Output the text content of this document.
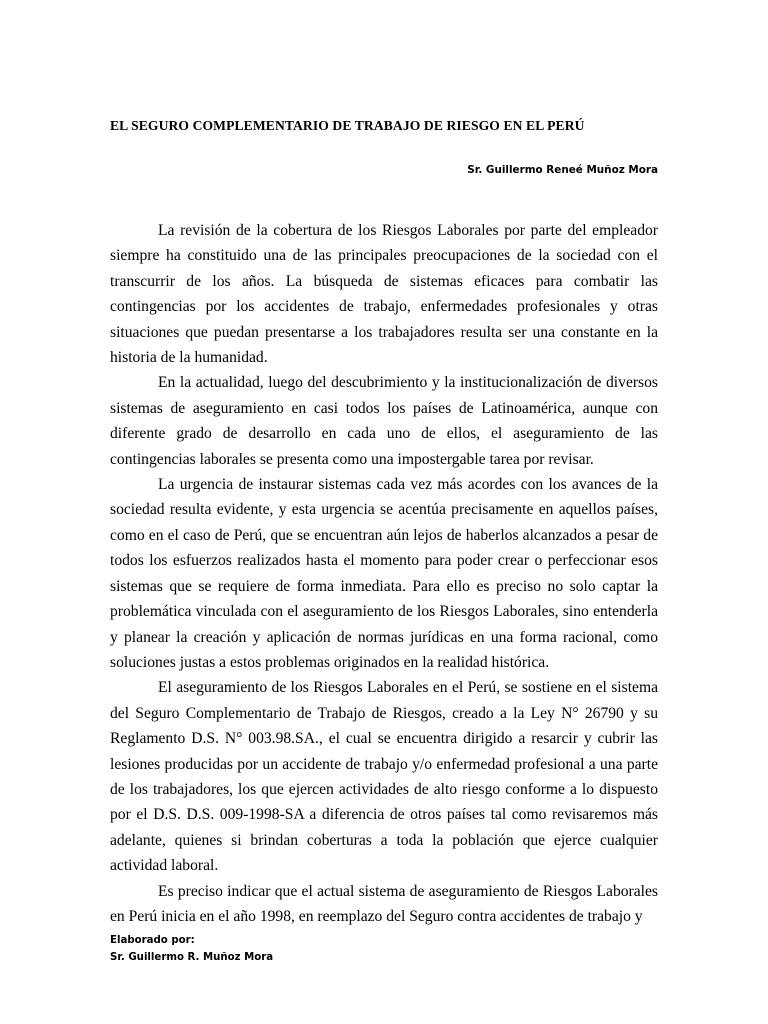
EL SEGURO COMPLEMENTARIO DE TRABAJO DE RIESGO EN EL PERÚ
Sr. Guillermo Reneé Muñoz Mora

La revisión de la cobertura de los Riesgos Laborales por parte del empleador siempre ha constituido una de las principales preocupaciones de la sociedad con el transcurrir de los años. La búsqueda de sistemas eficaces para combatir las contingencias por los accidentes de trabajo, enfermedades profesionales y otras situaciones que puedan presentarse a los trabajadores resulta ser una constante en la historia de la humanidad.

En la actualidad, luego del descubrimiento y la institucionalización de diversos sistemas de aseguramiento en casi todos los países de Latinoamérica, aunque con diferente grado de desarrollo en cada uno de ellos, el aseguramiento de las contingencias laborales se presenta como una impostergable tarea por revisar.

La urgencia de instaurar sistemas cada vez más acordes con los avances de la sociedad resulta evidente, y esta urgencia se acentúa precisamente en aquellos países, como en el caso de Perú, que se encuentran aún lejos de haberlos alcanzados a pesar de todos los esfuerzos realizados hasta el momento para poder crear o perfeccionar esos sistemas que se requiere de forma inmediata. Para ello es preciso no solo captar la problemática vinculada con el aseguramiento de los Riesgos Laborales, sino entenderla y planear la creación y aplicación de normas jurídicas en una forma racional, como soluciones justas a estos problemas originados en la realidad histórica.

El aseguramiento de los Riesgos Laborales en el Perú, se sostiene en el sistema del Seguro Complementario de Trabajo de Riesgos, creado a la Ley N° 26790 y su Reglamento D.S. N° 003.98.SA., el cual se encuentra dirigido a resarcir y cubrir las lesiones producidas por un accidente de trabajo y/o enfermedad profesional a una parte de los trabajadores, los que ejercen actividades de alto riesgo conforme a lo dispuesto por el D.S. D.S. 009-1998-SA a diferencia de otros países tal como revisaremos más adelante, quienes si brindan coberturas a toda la población que ejerce cualquier actividad laboral.

Es preciso indicar que el actual sistema de aseguramiento de Riesgos Laborales en Perú inicia en el año 1998, en reemplazo del Seguro contra accidentes de trabajo y

Elaborado por:
Sr. Guillermo R. Muñoz Mora
